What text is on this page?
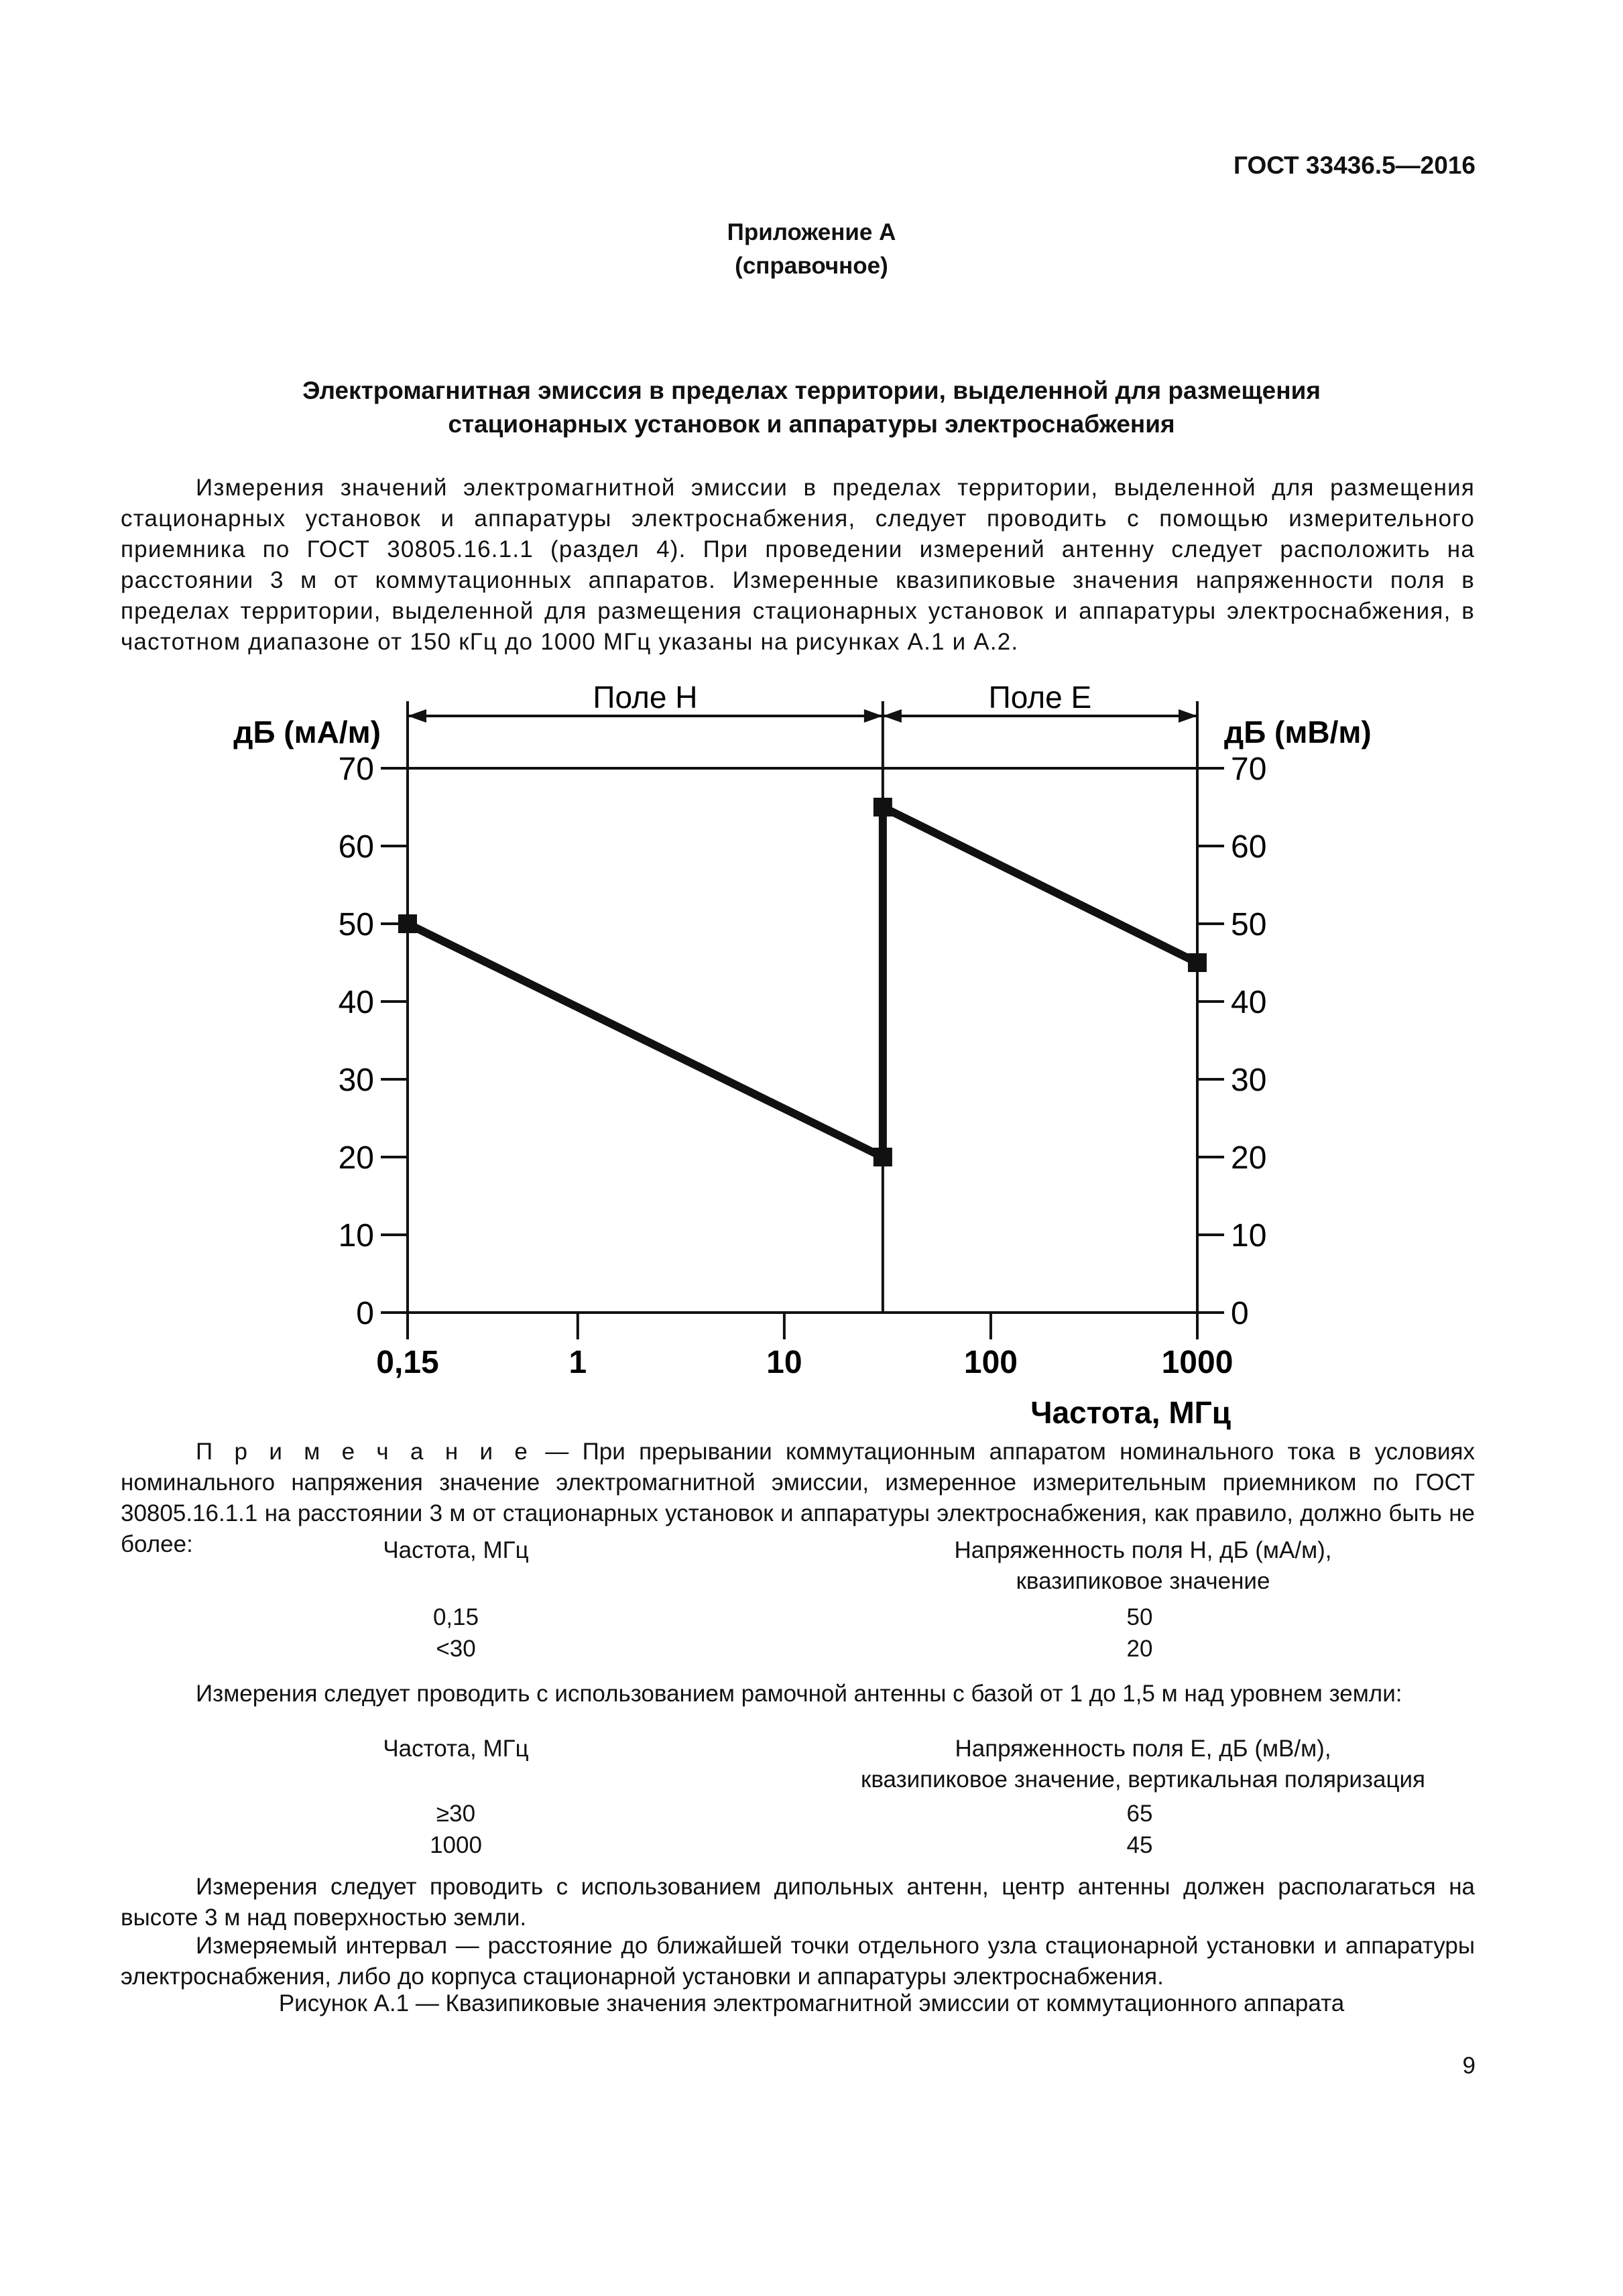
ГОСТ 33436.5—2016
Приложение А
(справочное)
Электромагнитная эмиссия в пределах территории, выделенной для размещения
стационарных установок и аппаратуры электроснабжения
Измерения значений электромагнитной эмиссии в пределах территории, выделенной для размещения стационарных установок и аппаратуры электроснабжения, следует проводить с помощью измерительного приемника по ГОСТ 30805.16.1.1 (раздел 4). При проведении измерений антенну следует расположить на расстоянии 3 м от коммутационных аппаратов. Измеренные квазипиковые значения напряженности поля в пределах территории, выделенной для размещения стационарных установок и аппаратуры электроснабжения, в частотном диапазоне от 150 кГц до 1000 МГц указаны на рисунках А.1 и А.2.
Поле Н	Поле Е
0	0
10	10
20	20
30	30
40	40
50	50
60	60
70	70
дБ (мА/м)	дБ (мВ/м)
0,15	1	10	100	1000
Частота, МГц
П р и м е ч а н и е — При прерывании коммутационным аппаратом номинального тока в условиях номинального напряжения значение электромагнитной эмиссии, измеренное измерительным приемником по ГОСТ 30805.16.1.1 на расстоянии 3 м от стационарных установок и аппаратуры электроснабжения, как правило, должно быть не более:	Частота, МГц	Напряженность поля Н, дБ (мА/м),
квазипиковое значение
0,15	50
<30	20
Измерения следует проводить с использованием рамочной антенны с базой от 1 до 1,5 м над уровнем земли:
Частота, МГц	Напряженность поля Е, дБ (мВ/м),
квазипиковое значение, вертикальная поляризация
≥30	65
1000	45
Измерения следует проводить с использованием дипольных антенн, центр антенны должен располагаться на высоте 3 м над поверхностью земли.
Измеряемый интервал — расстояние до ближайшей точки отдельного узла стационарной установки и аппаратуры электроснабжения, либо до корпуса стационарной установки и аппаратуры электроснабжения.
Рисунок А.1 — Квазипиковые значения электромагнитной эмиссии от коммутационного аппарата
9
